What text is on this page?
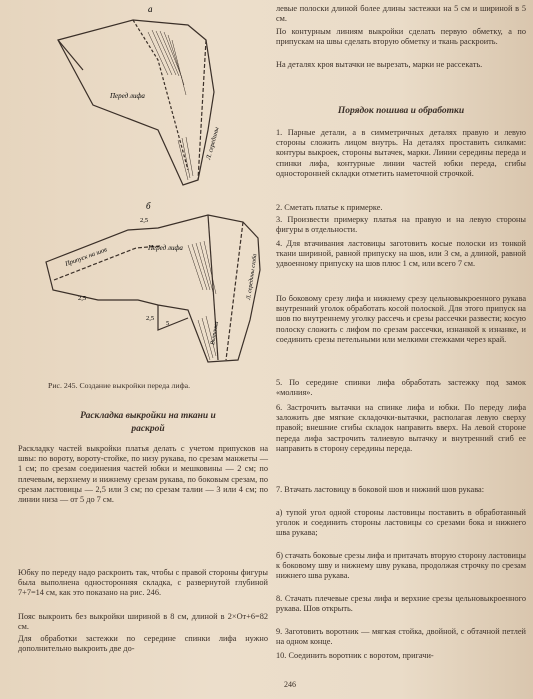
а
Перед лифа
Л. середины
б
Припуск на шов
2,5
Перед лифа
Л. середины сгиба
Вытачка
2,5
2,5
5
Рис. 245. Создание выкройки переда лифа.
Раскладка выкройки на ткани и раскрой

Раскладку частей выкройки платья делать с учетом припусков на швы: по вороту, вороту-стойке, по низу рукава, по срезам манжеты — 1 см; по срезам соединения частей юбки и мешковины — 2 см; по плечевым, верхнему и нижнему срезам рукава, по боковым срезам, по срезам ластовицы — 2,5 или 3 см; по срезам талии — 3 или 4 см; по линии низа — от 5 до 7 см.

Юбку по переду надо раскроить так, чтобы с правой стороны фигуры была выполнена односторонняя складка, с развернутой глубиной 7+7=14 см, как это показано на рис. 246.

Пояс выкроить без выкройки шириной в 8 см, длиной в 2×От+6=82 см.

Для обработки застежки по середине спинки лифа нужно дополнительно выкроить две до-

левые полоски длиной более длины застежки на 5 см и шириной в 5 см.

По контурным линиям выкройки сделать первую обметку, а по припускам на швы сделать вторую обметку и ткань раскроить.

На деталях кроя вытачки не вырезать, марки не рассекать.

Порядок пошива и обработки

1. Парные детали, а в симметричных деталях правую и левую стороны сложить лицом внутрь. На деталях проставить силками: контуры выкроек, стороны вытачек, марки. Линии середины переда и спинки лифа, контурные линии частей юбки переда, сгибы односторонней складки отметить наметочной строчкой.

2. Сметать платье к примерке.

3. Произвести примерку платья на правую и на левую стороны фигуры в отдельности.

4. Для втачивания ластовицы заготовить косые полоски из тонкой ткани шириной, равной припуску на шов, или 3 см, а длиной, равной удвоенному припуску на шов плюс 1 см, или всего 7 см.

По боковому срезу лифа и нижнему срезу цельновыкроенного рукава внутренний уголок обработать косой полоской. Для этого припуск на шов по внутреннему уголку рассечь и срезы рассечки развести; косую полоску сложить с лифом по срезам рассечки, изнанкой к изнанке, и соединить срезы петельными или мелкими стежками через край.

5. По середине спинки лифа обработать застежку под замок «молния».

6. Застрочить вытачки на спинке лифа и юбки. По переду лифа заложить две мягкие складочки-вытачки, располагая левую сверху правой; внешние сгибы складок направить вверх. На левой стороне переда лифа застрочить талиевую вытачку и внутренний сгиб ее направить в сторону середины переда.

7. Втачать ластовицу в боковой шов и нижний шов рукава:

а) тупой угол одной стороны ластовицы поставить в обработанный уголок и соединить стороны ластовицы со срезами бока и нижнего шва рукава;

б) стачать боковые срезы лифа и притачать вторую сторону ластовицы к боковому шву и нижнему шву рукава, продолжая строчку по срезам нижнего шва рукава.

8. Стачать плечевые срезы лифа и верхние срезы цельновыкроенного рукава. Шов открыть.

9. Заготовить воротник — мягкая стойка, двойной, с обтачной петлей на одном конце.

10. Соединить воротник с воротом, пригачи-

246
